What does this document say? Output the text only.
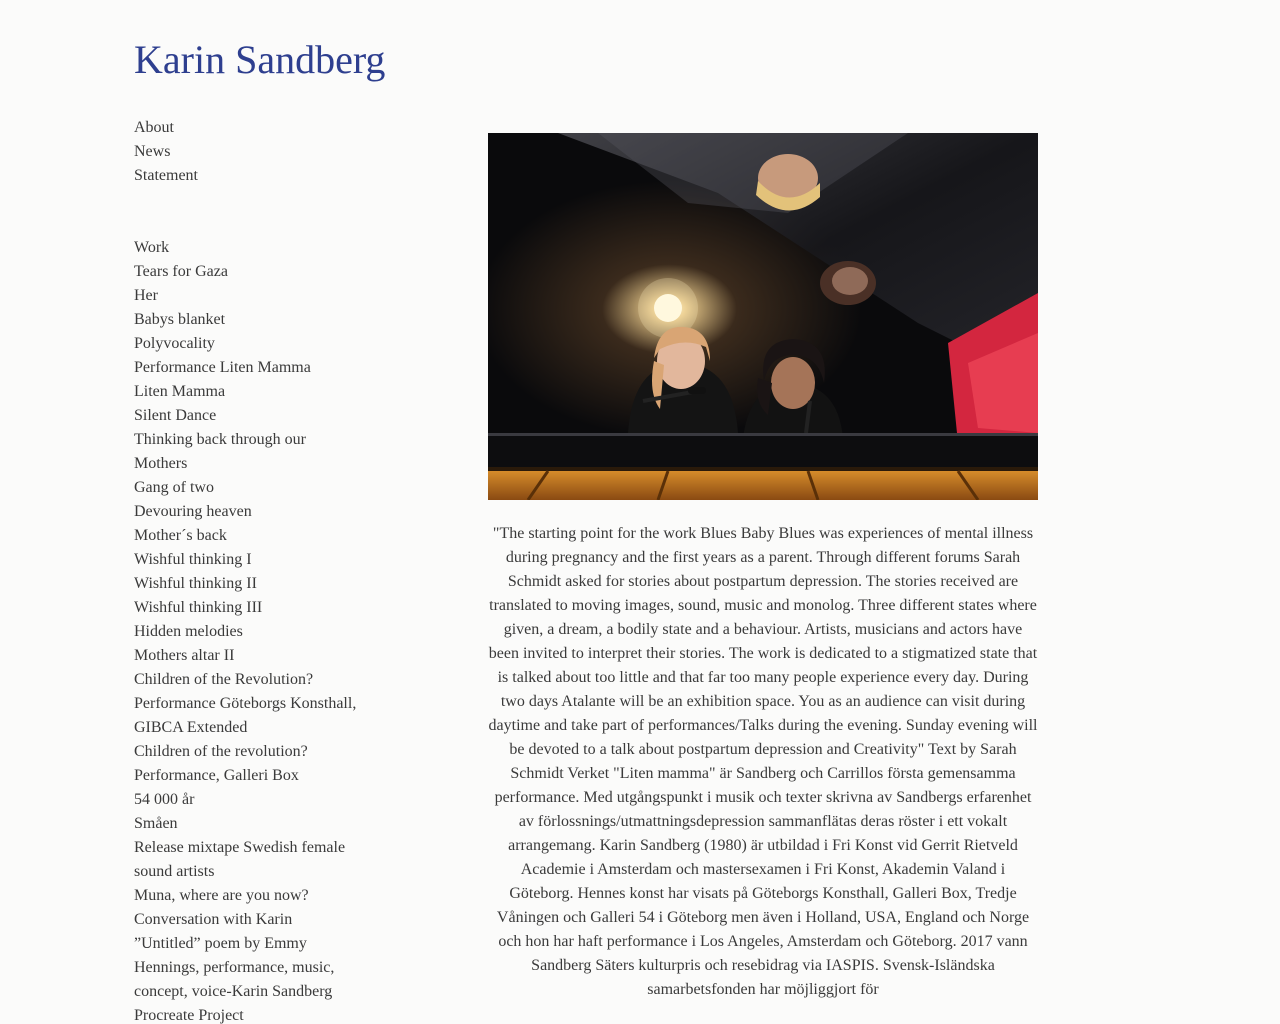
Karin Sandberg
About
News
Statement
Work
Tears for Gaza
Her
Babys blanket
Polyvocality
Performance Liten Mamma
Liten Mamma
Silent Dance
Thinking back through our
Mothers
Gang of two
Devouring heaven
Mother´s back
Wishful thinking I
Wishful thinking II
Wishful thinking III
Hidden melodies
Mothers altar II
Children of the Revolution?
Performance Göteborgs Konsthall,
GIBCA Extended
Children of the revolution?
Performance, Galleri Box
54 000 år
Småen
Release mixtape Swedish female
sound artists
Muna, where are you now?
Conversation with Karin
”Untitled” poem by Emmy
Hennings, performance, music,
concept, voice-Karin Sandberg
Procreate Project

"The starting point for the work Blues Baby Blues was experiences of mental illness during pregnancy and the first years as a parent. Through different forums Sarah Schmidt asked for stories about postpartum depression. The stories received are translated to moving images, sound, music and monolog. Three different states where given, a dream, a bodily state and a behaviour. Artists, musicians and actors have been invited to interpret their stories. The work is dedicated to a stigmatized state that is talked about too little and that far too many people experience every day. During two days Atalante will be an exhibition space. You as an audience can visit during daytime and take part of performances/Talks during the evening. Sunday evening will be devoted to a talk about postpartum depression and Creativity" Text by Sarah Schmidt Verket "Liten mamma" är Sandberg och Carrillos första gemensamma performance. Med utgångspunkt i musik och texter skrivna av Sandbergs erfarenhet av förlossnings/utmattningsdepression sammanflätas deras röster i ett vokalt arrangemang. Karin Sandberg (1980) är utbildad i Fri Konst vid Gerrit Rietveld Academie i Amsterdam och mastersexamen i Fri Konst, Akademin Valand i Göteborg. Hennes konst har visats på Göteborgs Konsthall, Galleri Box, Tredje Våningen och Galleri 54 i Göteborg men även i Holland, USA, England och Norge och hon har haft performance i Los Angeles, Amsterdam och Göteborg. 2017 vann Sandberg Säters kulturpris och resebidrag via IASPIS. Svensk-Isländska samarbetsfonden har möjliggjort för
